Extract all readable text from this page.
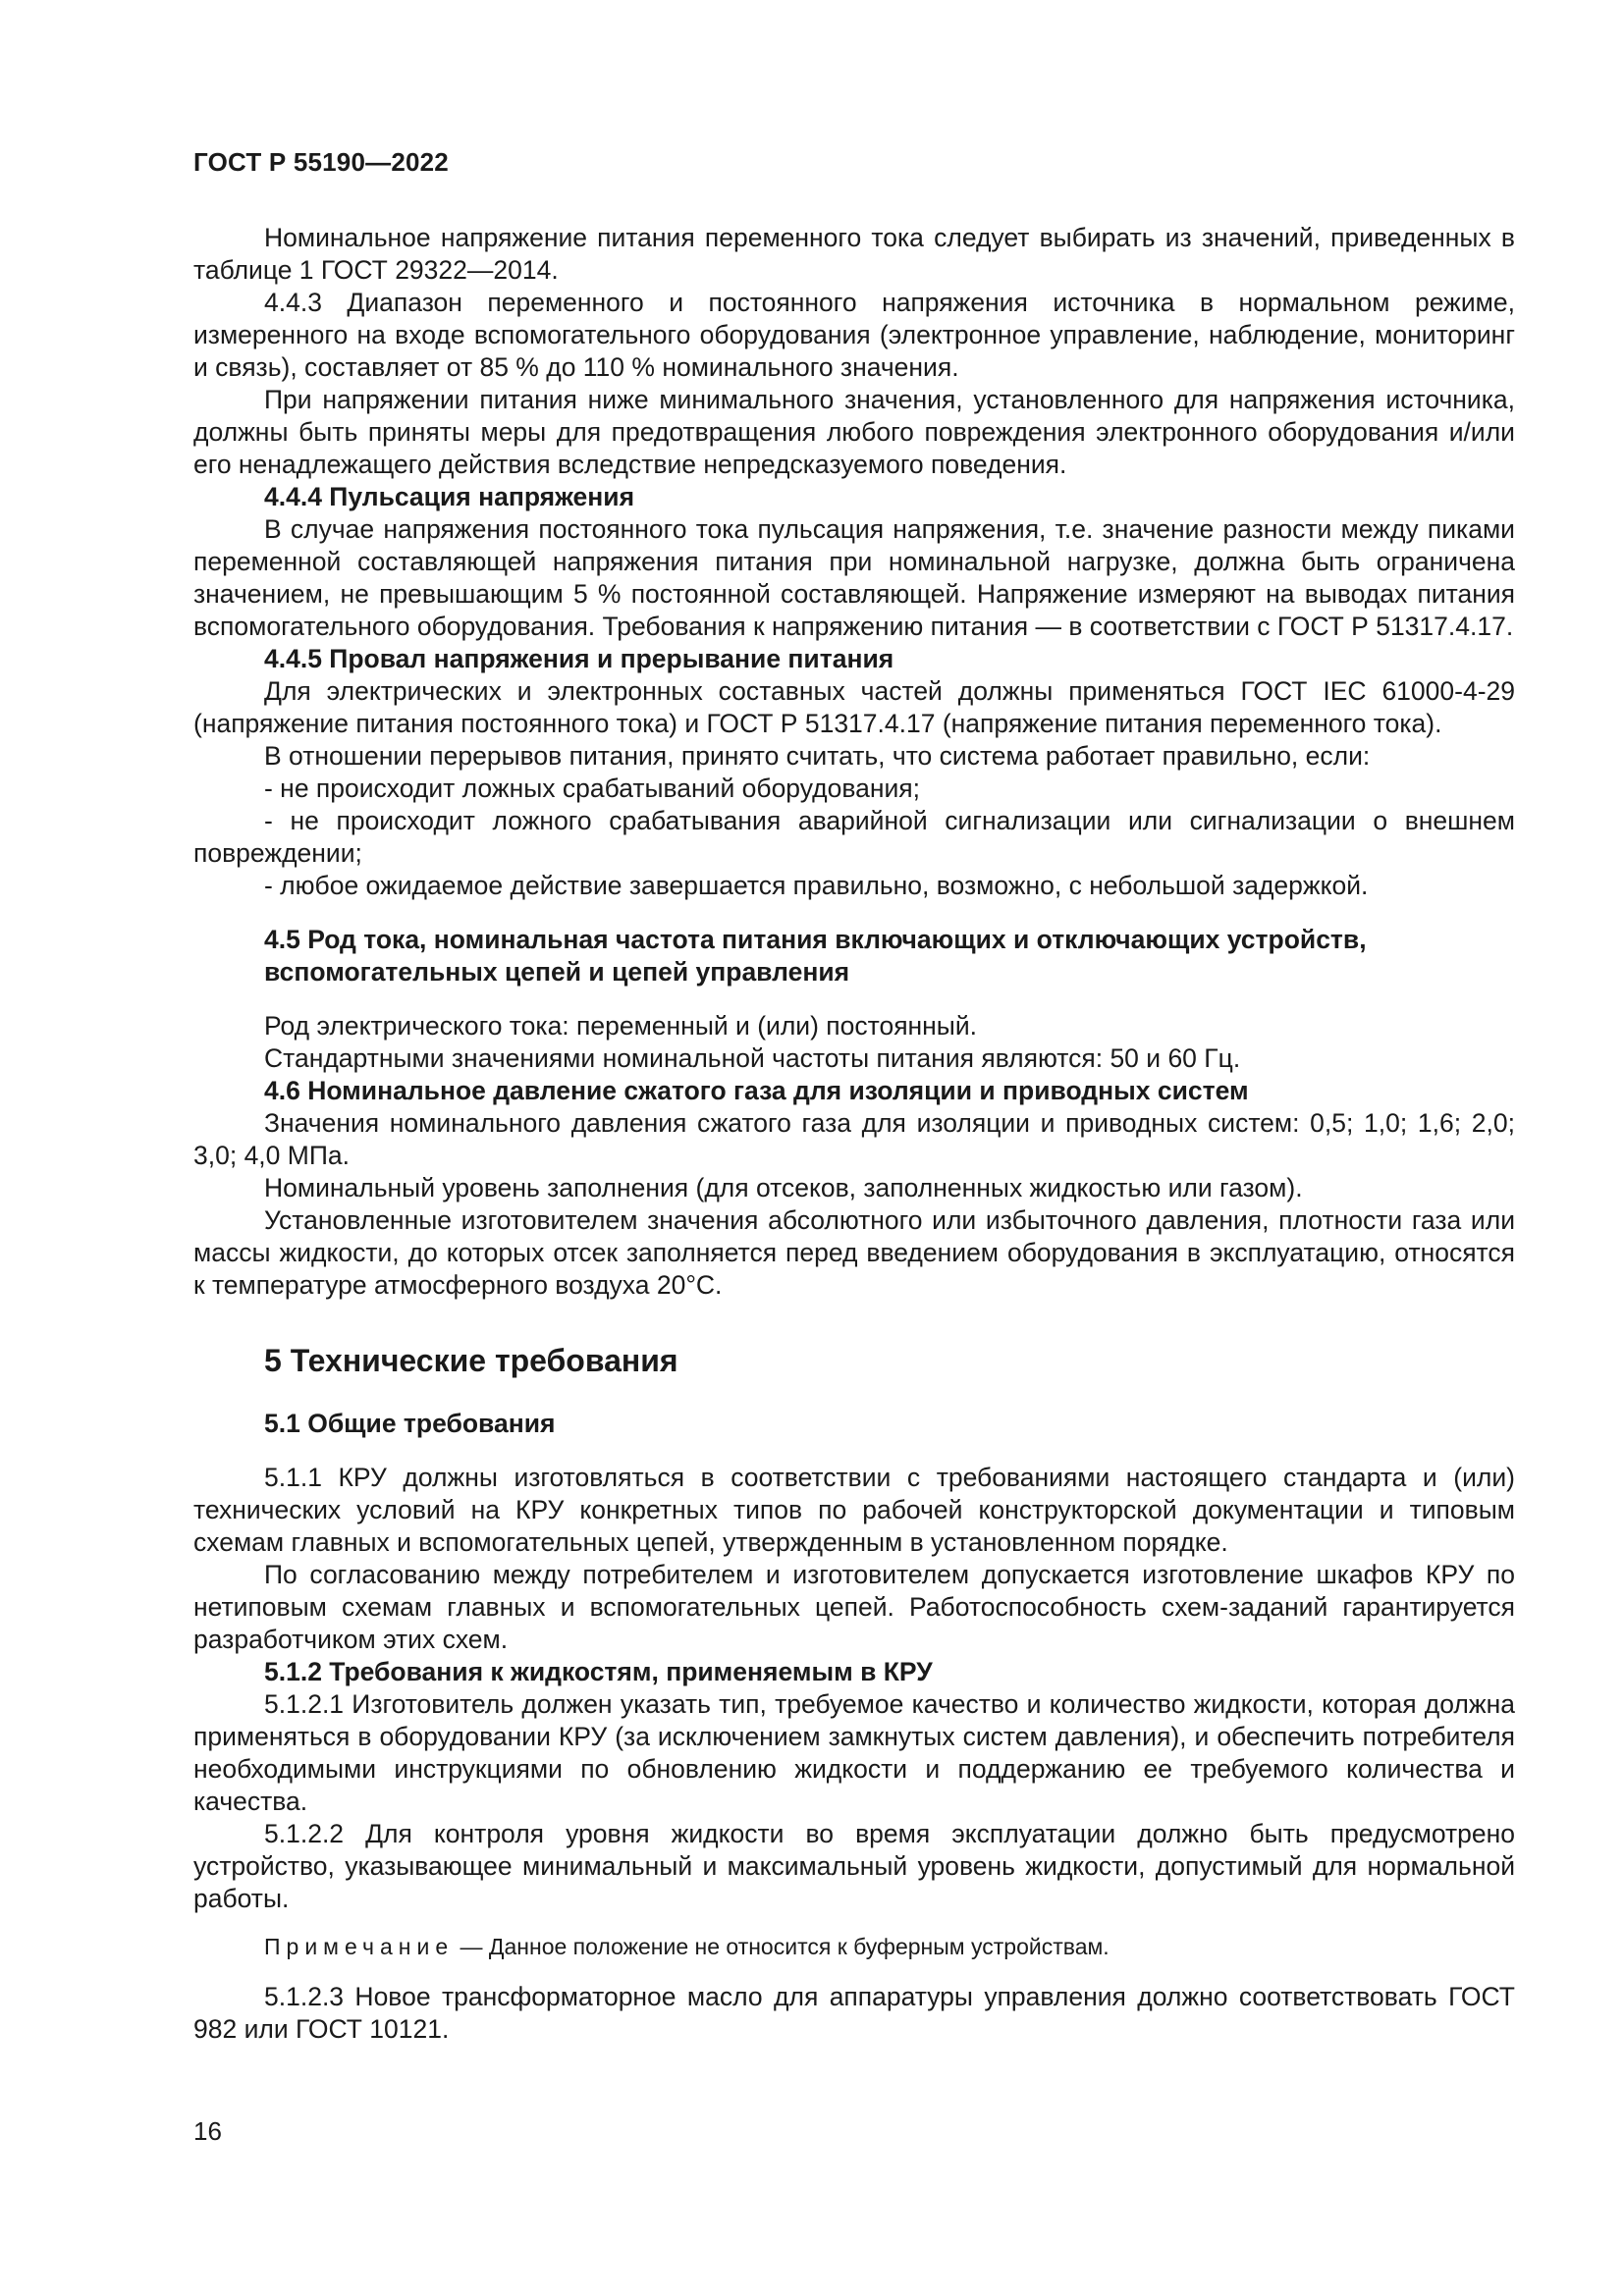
ГОСТ Р 55190—2022

Номинальное напряжение питания переменного тока следует выбирать из значений, приведенных в таблице 1 ГОСТ 29322—2014.

4.4.3 Диапазон переменного и постоянного напряжения источника в нормальном режиме, измеренного на входе вспомогательного оборудования (электронное управление, наблюдение, мониторинг и связь), составляет от 85 % до 110 % номинального значения.

При напряжении питания ниже минимального значения, установленного для напряжения источника, должны быть приняты меры для предотвращения любого повреждения электронного оборудования и/или его ненадлежащего действия вследствие непредсказуемого поведения.

4.4.4 Пульсация напряжения

В случае напряжения постоянного тока пульсация напряжения, т.е. значение разности между пиками переменной составляющей напряжения питания при номинальной нагрузке, должна быть ограничена значением, не превышающим 5 % постоянной составляющей. Напряжение измеряют на выводах питания вспомогательного оборудования. Требования к напряжению питания — в соответствии с ГОСТ Р 51317.4.17.

4.4.5 Провал напряжения и прерывание питания

Для электрических и электронных составных частей должны применяться ГОСТ IEC 61000-4-29 (напряжение питания постоянного тока) и ГОСТ Р 51317.4.17 (напряжение питания переменного тока).

В отношении перерывов питания, принято считать, что система работает правильно, если:

- не происходит ложных срабатываний оборудования;

- не происходит ложного срабатывания аварийной сигнализации или сигнализации о внешнем повреждении;

- любое ожидаемое действие завершается правильно, возможно, с небольшой задержкой.

4.5 Род тока, номинальная частота питания включающих и отключающих устройств, вспомогательных цепей и цепей управления

Род электрического тока: переменный и (или) постоянный.

Стандартными значениями номинальной частоты питания являются: 50 и 60 Гц.

4.6 Номинальное давление сжатого газа для изоляции и приводных систем

Значения номинального давления сжатого газа для изоляции и приводных систем: 0,5; 1,0; 1,6; 2,0; 3,0; 4,0 МПа.

Номинальный уровень заполнения (для отсеков, заполненных жидкостью или газом).

Установленные изготовителем значения абсолютного или избыточного давления, плотности газа или массы жидкости, до которых отсек заполняется перед введением оборудования в эксплуатацию, относятся к температуре атмосферного воздуха 20°С.

5 Технические требования

5.1 Общие требования

5.1.1 КРУ должны изготовляться в соответствии с требованиями настоящего стандарта и (или) технических условий на КРУ конкретных типов по рабочей конструкторской документации и типовым схемам главных и вспомогательных цепей, утвержденным в установленном порядке.

По согласованию между потребителем и изготовителем допускается изготовление шкафов КРУ по нетиповым схемам главных и вспомогательных цепей. Работоспособность схем-заданий гарантируется разработчиком этих схем.

5.1.2 Требования к жидкостям, применяемым в КРУ

5.1.2.1 Изготовитель должен указать тип, требуемое качество и количество жидкости, которая должна применяться в оборудовании КРУ (за исключением замкнутых систем давления), и обеспечить потребителя необходимыми инструкциями по обновлению жидкости и поддержанию ее требуемого количества и качества.

5.1.2.2 Для контроля уровня жидкости во время эксплуатации должно быть предусмотрено устройство, указывающее минимальный и максимальный уровень жидкости, допустимый для нормальной работы.

Примечание — Данное положение не относится к буферным устройствам.

5.1.2.3 Новое трансформаторное масло для аппаратуры управления должно соответствовать ГОСТ 982 или ГОСТ 10121.

16
